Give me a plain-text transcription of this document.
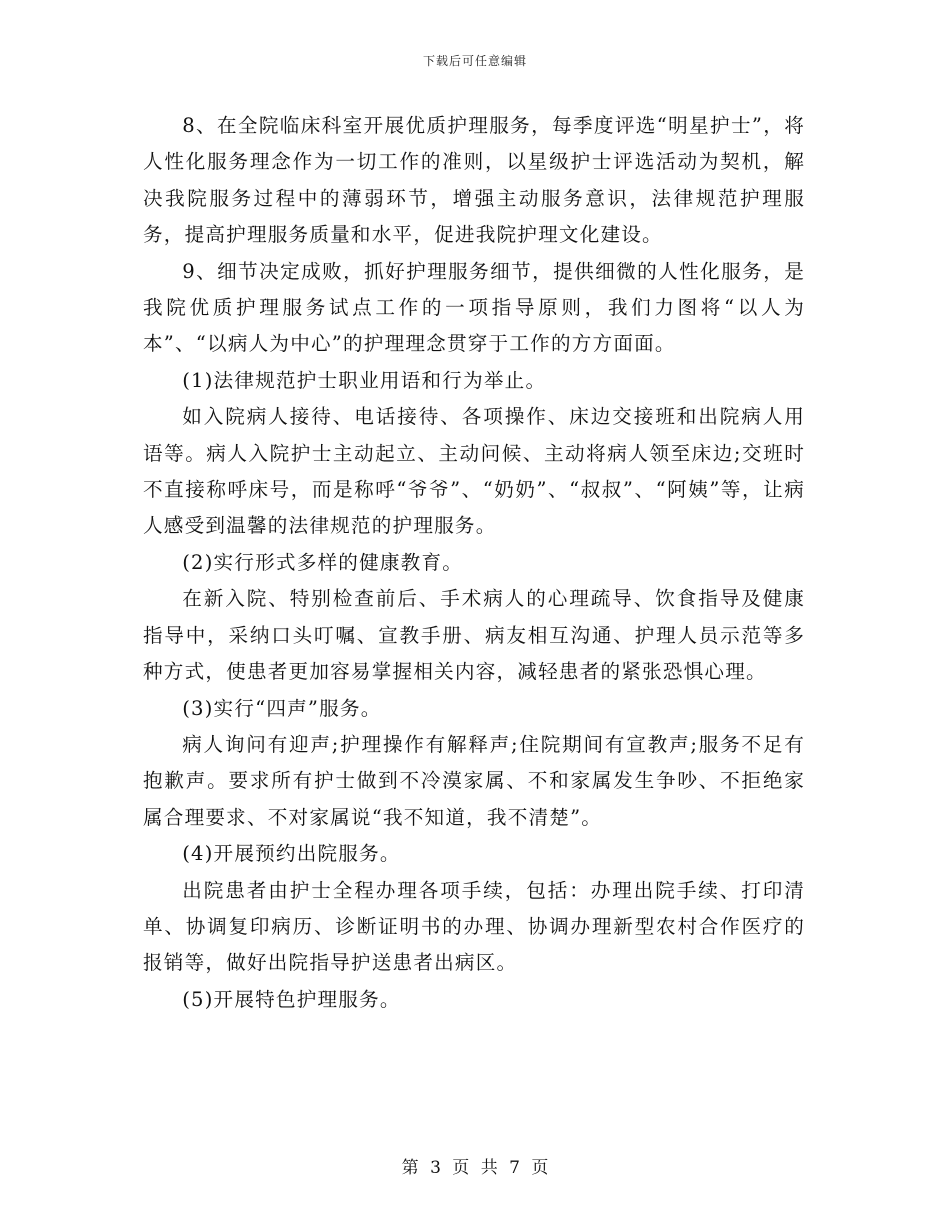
下载后可任意编辑

8、在全院临床科室开展优质护理服务，每季度评选“明星护士”，将人性化服务理念作为一切工作的准则，以星级护士评选活动为契机，解决我院服务过程中的薄弱环节，增强主动服务意识，法律规范护理服务，提高护理服务质量和水平，促进我院护理文化建设。

9、细节决定成败，抓好护理服务细节，提供细微的人性化服务，是我院优质护理服务试点工作的一项指导原则，我们力图将“以人为本”、“以病人为中心”的护理理念贯穿于工作的方方面面。

(1)法律规范护士职业用语和行为举止。

如入院病人接待、电话接待、各项操作、床边交接班和出院病人用语等。病人入院护士主动起立、主动问候、主动将病人领至床边;交班时不直接称呼床号，而是称呼“爷爷”、“奶奶”、“叔叔”、“阿姨”等，让病人感受到温馨的法律规范的护理服务。

(2)实行形式多样的健康教育。

在新入院、特别检查前后、手术病人的心理疏导、饮食指导及健康指导中，采纳口头叮嘱、宣教手册、病友相互沟通、护理人员示范等多种方式，使患者更加容易掌握相关内容，减轻患者的紧张恐惧心理。

(3)实行“四声”服务。

病人询问有迎声;护理操作有解释声;住院期间有宣教声;服务不足有抱歉声。要求所有护士做到不冷漠家属、不和家属发生争吵、不拒绝家属合理要求、不对家属说“我不知道，我不清楚”。

(4)开展预约出院服务。

出院患者由护士全程办理各项手续，包括：办理出院手续、打印清单、协调复印病历、诊断证明书的办理、协调办理新型农村合作医疗的报销等，做好出院指导护送患者出病区。

(5)开展特色护理服务。

第 3 页 共 7 页
